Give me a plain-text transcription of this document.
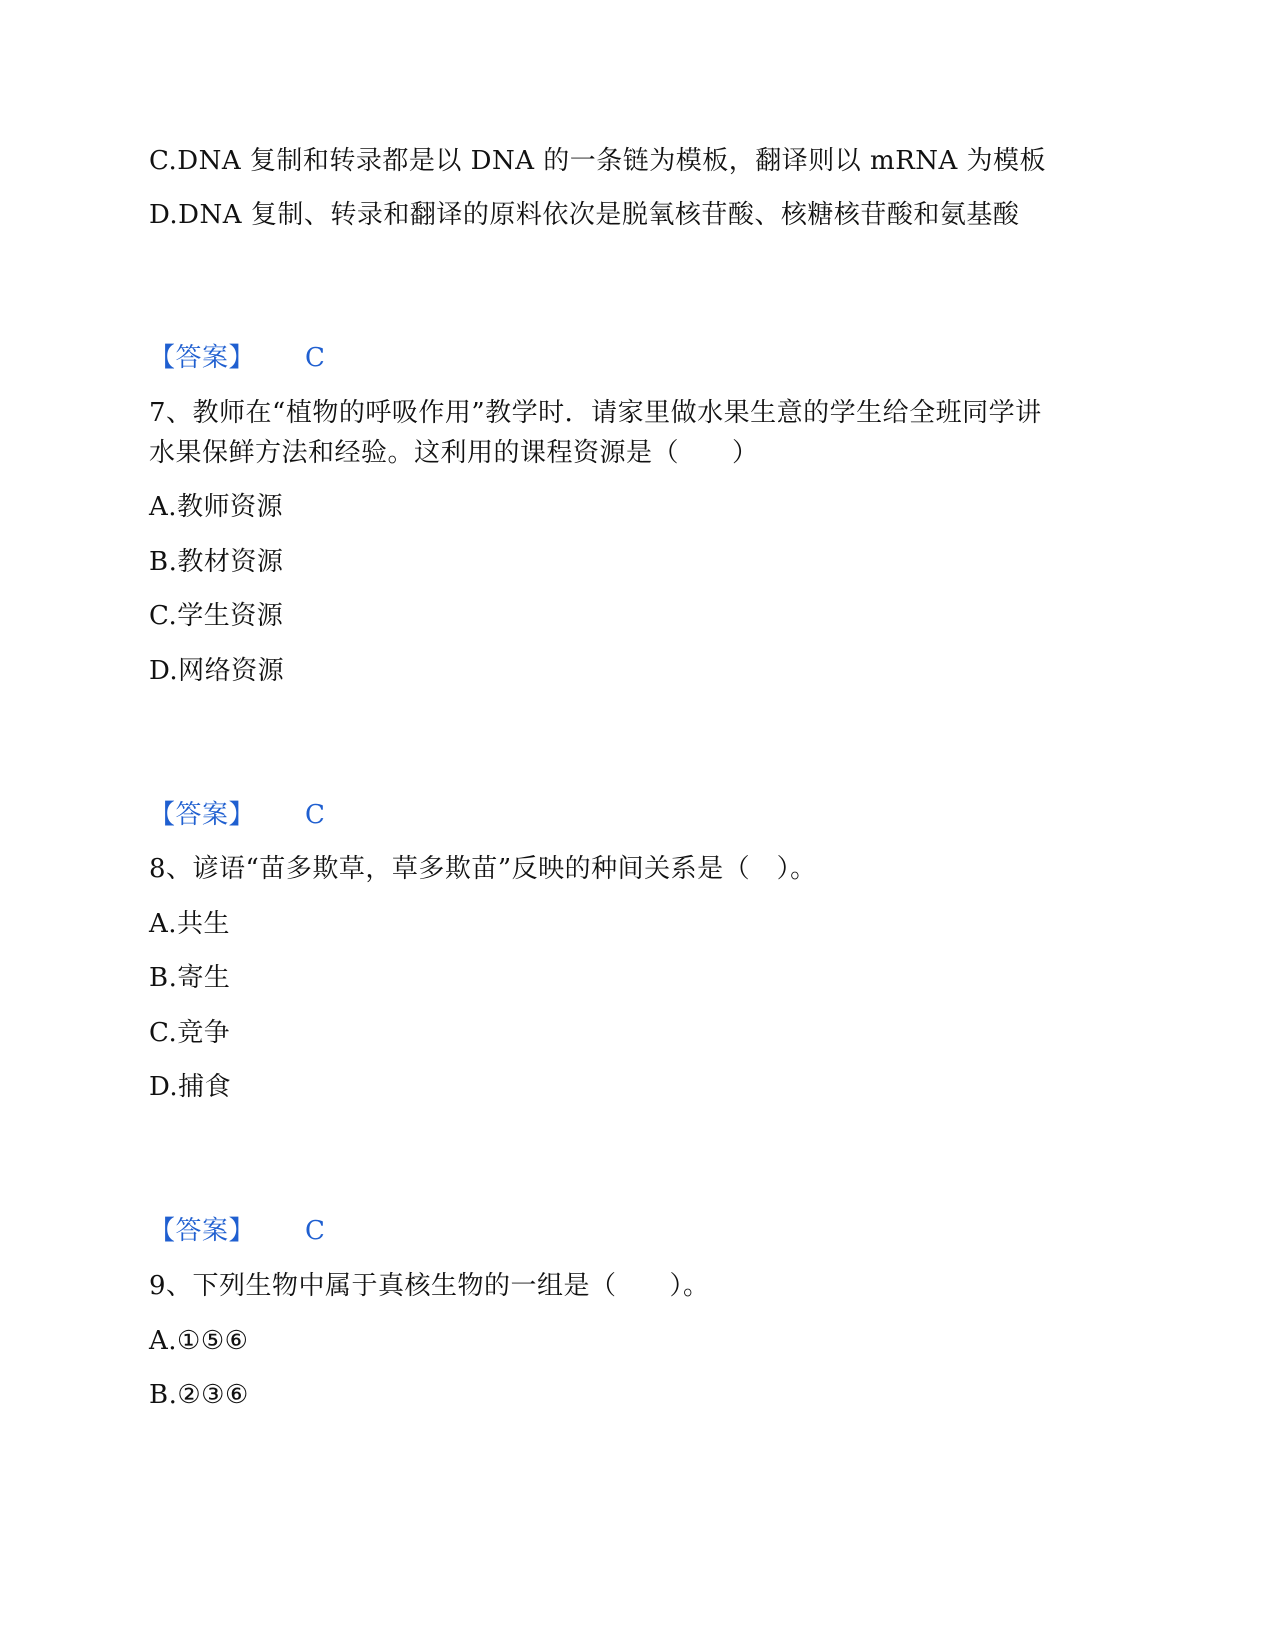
C.DNA 复制和转录都是以 DNA 的一条链为模板，翻译则以 mRNA 为模板
D.DNA 复制、转录和翻译的原料依次是脱氧核苷酸、核糖核苷酸和氨基酸
【答案】 C
7、教师在“植物的呼吸作用”教学时．请家里做水果生意的学生给全班同学讲
水果保鲜方法和经验。这利用的课程资源是（　　）
A.教师资源
B.教材资源
C.学生资源
D.网络资源
【答案】 C
8、谚语“苗多欺草，草多欺苗”反映的种间关系是（　）。
A.共生
B.寄生
C.竞争
D.捕食
【答案】 C
9、下列生物中属于真核生物的一组是（　　）。
A.①⑤⑥
B.②③⑥
